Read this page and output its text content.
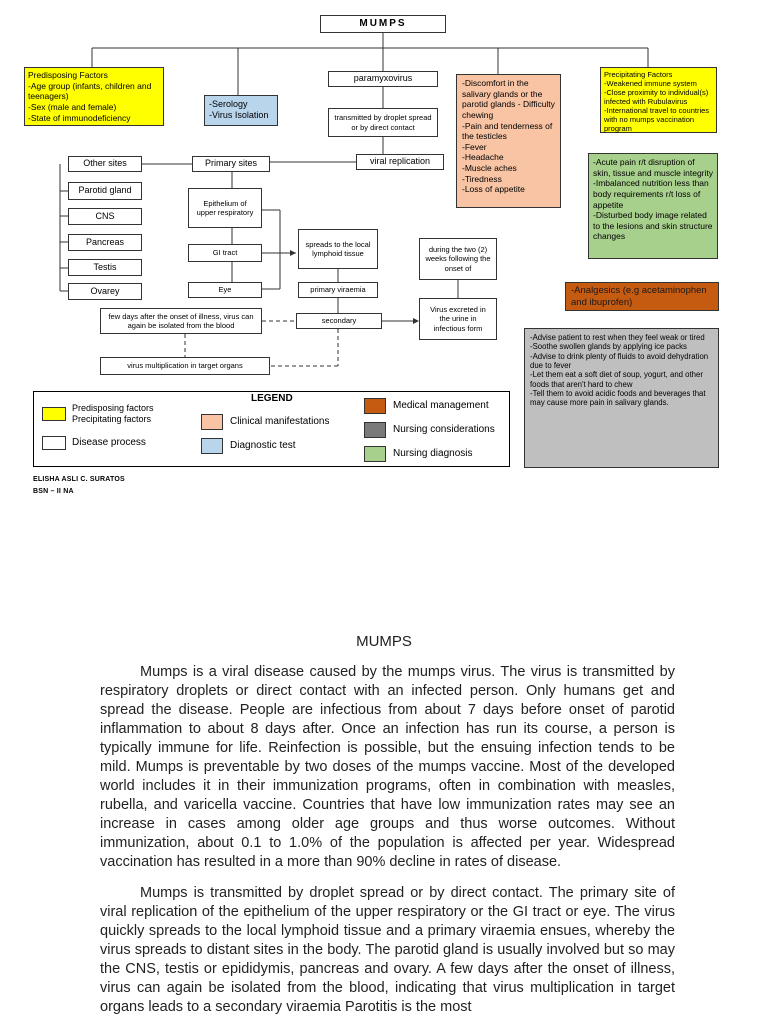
MUMPS
Predisposing Factors
-Age group (infants, children and teenagers)
-Sex (male and female)
-State of immunodeficiency
-Serology
-Virus Isolation
paramyxovirus
transmitted by droplet spread or by direct contact
viral replication
-Discomfort in the salivary glands or the parotid glands - Difficulty chewing
-Pain and tenderness of the testicles
-Fever
-Headache
-Muscle aches
-Tiredness
-Loss of appetite
Precipitating Factors
-Weakened immune system
-Close proximity to individual(s) infected with Rubulavirus
-International travel to countries with no mumps vaccination program
-Acute pain r/t disruption of skin, tissue and muscle integrity
-Imbalanced nutrition less than body requirements r/t loss of appetite
-Disturbed body image related to the lesions and skin structure changes
-Analgesics (e.g acetaminophen and ibuprofen)
-Advise patient to rest when they feel weak or tired
-Soothe swollen glands by applying ice packs
-Advise to drink plenty of fluids to avoid dehydration due to fever
-Let them eat a soft diet of soup, yogurt, and other foods that aren't hard to chew
-Tell them to avoid acidic foods and beverages that may cause more pain in salivary glands.
Other sites
Parotid gland
CNS
Pancreas
Testis
Ovarey
Primary sites
Epithelium of upper respiratory
GI tract
Eye
spreads to the local lymphoid tissue
primary viraemia
secondary
few days after the onset of illness, virus can again be isolated from the blood
virus multiplication in target organs
during the two (2) weeks following the onset of
Virus excreted in the urine in infectious form
LEGEND
Predisposing factors
Precipitating factors
Disease process
Clinical manifestations
Diagnostic test
Medical management
Nursing considerations
Nursing diagnosis
ELISHA ASLI C. SURATOS
BSN – II NA
MUMPS

Mumps is a viral disease caused by the mumps virus. The virus is transmitted by respiratory droplets or direct contact with an infected person. Only humans get and spread the disease. People are infectious from about 7 days before onset of parotid inflammation to about 8 days after. Once an infection has run its course, a person is typically immune for life. Reinfection is possible, but the ensuing infection tends to be mild. Mumps is preventable by two doses of the mumps vaccine. Most of the developed world includes it in their immunization programs, often in combination with measles, rubella, and varicella vaccine. Countries that have low immunization rates may see an increase in cases among older age groups and thus worse outcomes. Without immunization, about 0.1 to 1.0% of the population is affected per year. Widespread vaccination has resulted in a more than 90% decline in rates of disease.

Mumps is transmitted by droplet spread or by direct contact. The primary site of viral replication of the epithelium of the upper respiratory or the GI tract or eye. The virus quickly spreads to the local lymphoid tissue and a primary viraemia ensues, whereby the virus spreads to distant sites in the body. The parotid gland is usually involved but so may the CNS, testis or epididymis, pancreas and ovary. A few days after the onset of illness, virus can again be isolated from the blood, indicating that virus multiplication in target organs leads to a secondary viraemia Parotitis is the most
